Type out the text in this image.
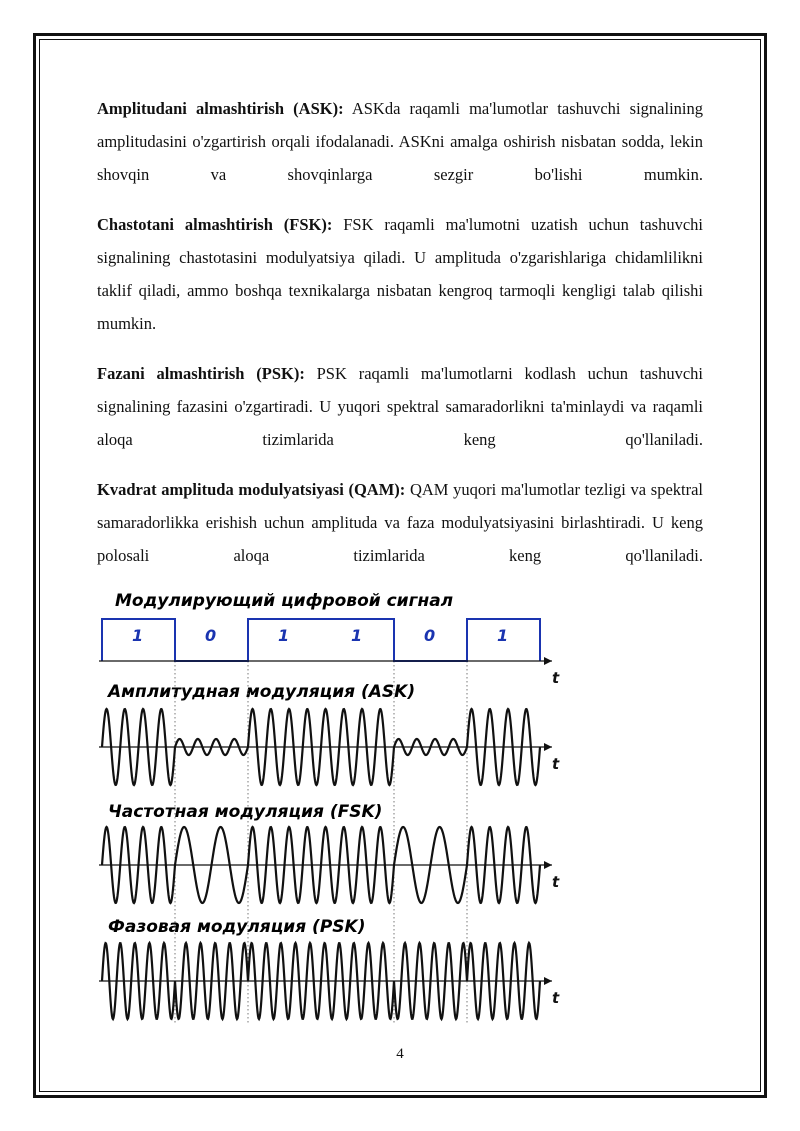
Amplitudani almashtirish (ASK): ASKda raqamli ma'lumotlar tashuvchi signalining amplitudasini o'zgartirish orqali ifodalanadi. ASKni amalga oshirish nisbatan sodda, lekin shovqin va shovqinlarga sezgir bo'lishi mumkin.

Chastotani almashtirish (FSK): FSK raqamli ma'lumotni uzatish uchun tashuvchi signalining chastotasini modulyatsiya qiladi. U amplituda o'zgarishlariga chidamlilikni taklif qiladi, ammo boshqa texnikalarga nisbatan kengroq tarmoqli kengligi talab qilishi mumkin.

Fazani almashtirish (PSK): PSK raqamli ma'lumotlarni kodlash uchun tashuvchi signalining fazasini o'zgartiradi. U yuqori spektral samaradorlikni ta'minlaydi va raqamli aloqa tizimlarida keng qo'llaniladi.

Kvadrat amplituda modulyatsiyasi (QAM): QAM yuqori ma'lumotlar tezligi va spektral samaradorlikka erishish uchun amplituda va faza modulyatsiyasini birlashtiradi. U keng polosali aloqa tizimlarida keng qo'llaniladi.

Модулирующий цифровой сигнал
Амплитудная модуляция (ASK)
Частотная модуляция (FSK)
Фазовая модуляция (PSK)
1	0	1	1	0	1
t
t
t
t
4
